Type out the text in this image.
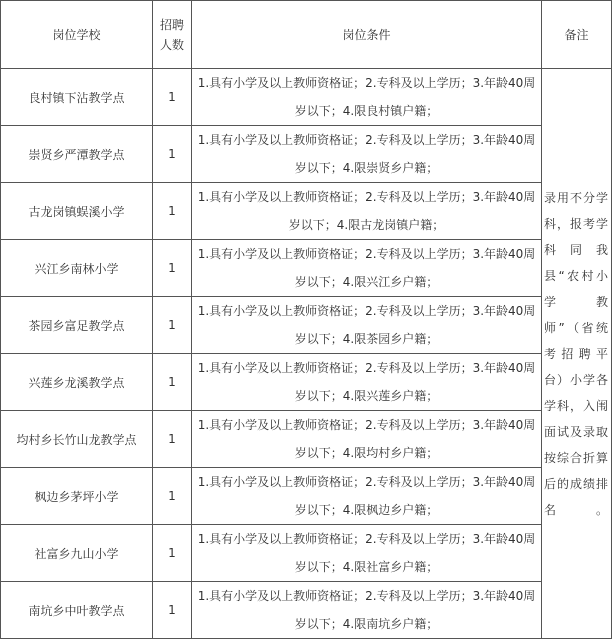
岗位学校	招聘人数	岗位条件	备注
良村镇下沾教学点	1	1.具有小学及以上教师资格证；2.专科及以上学历；3.年龄40周岁以下；4.限良村镇户籍；	录用不分学科，报考学科同我县“农村小学教师”（省统考招聘平台）小学各学科，入闱面试及录取按综合折算后的成绩排名。
崇贤乡严潭教学点	1	1.具有小学及以上教师资格证；2.专科及以上学历；3.年龄40周岁以下；4.限崇贤乡户籍；	
古龙岗镇蜈溪小学	1	1.具有小学及以上教师资格证；2.专科及以上学历；3.年龄40周岁以下；4.限古龙岗镇户籍；	
兴江乡南林小学	1	1.具有小学及以上教师资格证；2.专科及以上学历；3.年龄40周岁以下；4.限兴江乡户籍；	
茶园乡富足教学点	1	1.具有小学及以上教师资格证；2.专科及以上学历；3.年龄40周岁以下；4.限茶园乡户籍；	
兴莲乡龙溪教学点	1	1.具有小学及以上教师资格证；2.专科及以上学历；3.年龄40周岁以下；4.限兴莲乡户籍；	
均村乡长竹山龙教学点	1	1.具有小学及以上教师资格证；2.专科及以上学历；3.年龄40周岁以下；4.限均村乡户籍；	
枫边乡茅坪小学	1	1.具有小学及以上教师资格证；2.专科及以上学历；3.年龄40周岁以下；4.限枫边乡户籍；	
社富乡九山小学	1	1.具有小学及以上教师资格证；2.专科及以上学历；3.年龄40周岁以下；4.限社富乡户籍；	
南坑乡中叶教学点	1	1.具有小学及以上教师资格证；2.专科及以上学历；3.年龄40周岁以下；4.限南坑乡户籍；	
